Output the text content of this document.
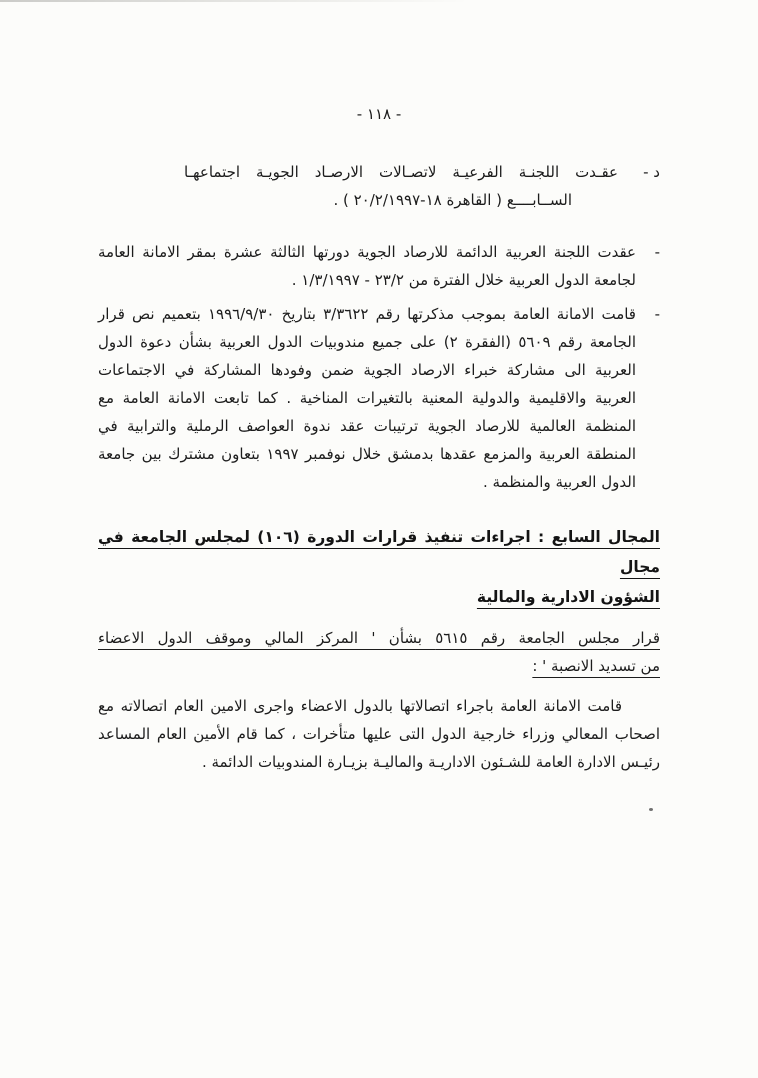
- ١١٨ -
د -
عقـدت اللجنـة الفرعيـة لاتصـالات الارصـاد الجويـة اجتماعهـا
الســابــــع ( القاهرة ⁦١٨-٢٠/٢/١٩٩٧⁩ ) .
-

عقدت اللجنة العربية الدائمة للارصاد الجوية دورتها الثالثة عشرة بمقر الامانة العامة لجامعة الدول العربية خلال الفترة من ⁦٢٣/٢ - ١/٣/١٩٩٧⁩ .

-

قامت الامانة العامة بموجب مذكرتها رقم ٣/٣٦٢٢ بتاريخ ١٩٩٦/٩/٣٠ بتعميم نص قرار الجامعة رقم ٥٦٠٩ (الفقرة ٢) على جميع مندوبيات الدول العربية بشأن دعوة الدول العربية الى مشاركة خبراء الارصاد الجوية ضمن وفودها المشاركة في الاجتماعات العربية والاقليمية والدولية المعنية بالتغيرات المناخية . كما تابعت الامانة العامة مع المنظمة العالمية للارصاد الجوية ترتيبات عقد ندوة العواصف الرملية والترابية في المنطقة العربية والمزمع عقدها بدمشق خلال نوفمبر ١٩٩٧ بتعاون مشترك بين جامعة الدول العربية والمنظمة .

المجال السابع : اجراءات تنفيذ قرارات الدورة (١٠٦) لمجلس الجامعة في مجال
الشؤون الادارية والمالية
قرار مجلس الجامعة رقم ٥٦١٥ بشأن ' المركز المالي وموقف الدول الاعضاء
من تسديد الانصبة ' :

قامت الامانة العامة باجراء اتصالاتها بالدول الاعضاء واجرى الامين العام اتصالاته مع اصحاب المعالي وزراء خارجية الدول التى عليها متأخرات ، كما قام الأمين العام المساعد رئيـس الادارة العامة للشـئون الاداريـة والماليـة بزيـارة المندوبيات الدائمة .
